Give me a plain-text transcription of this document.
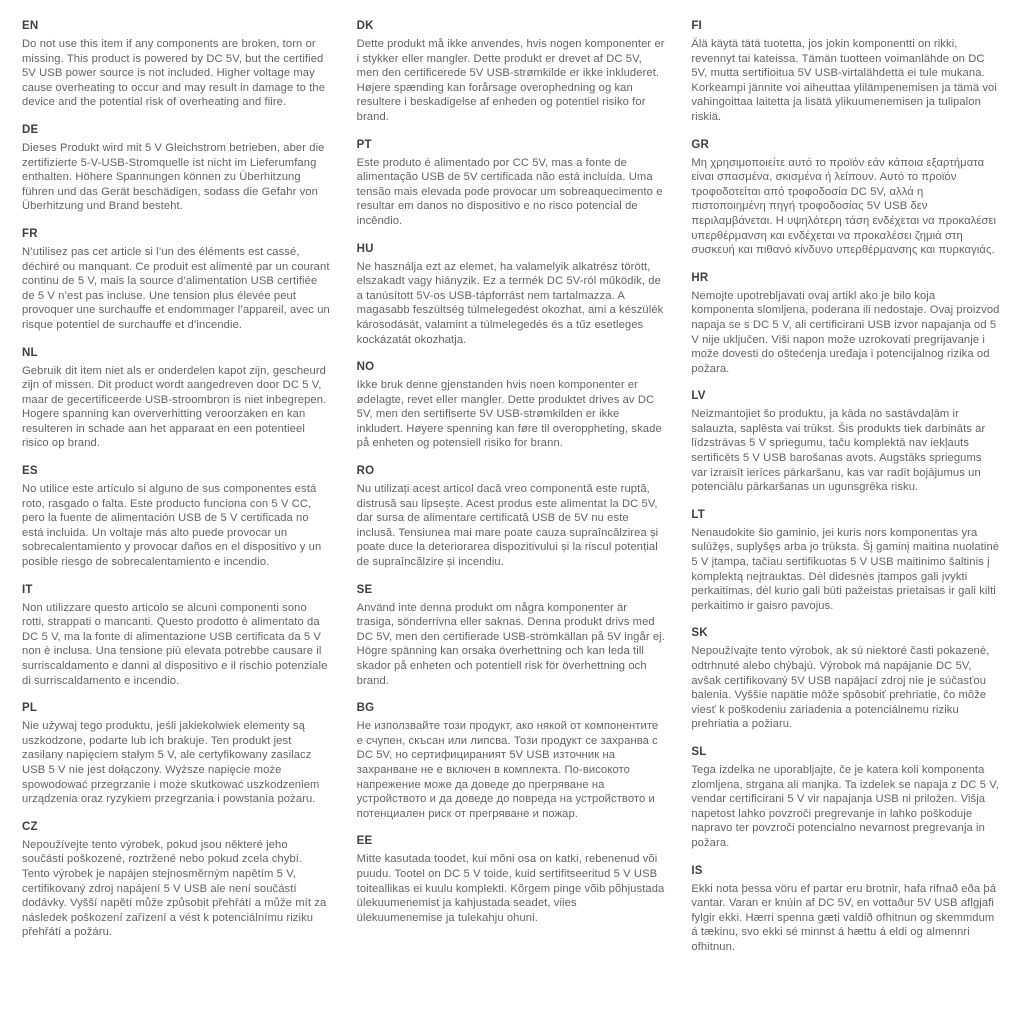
EN

Do not use this item if any components are broken, torn or missing. This product is powered by DC 5V, but the certified 5V USB power source is not included. Higher voltage may cause overheating to occur and may result in damage to the device and the potential risk of overheating and fiire.

DE

Dieses Produkt wird mit 5 V Gleichstrom betrieben, aber die zertifizierte 5-V-USB-Stromquelle ist nicht im Lieferumfang enthalten. Höhere Spannungen können zu Überhitzung führen und das Gerät beschädigen, sodass die Gefahr von Überhitzung und Brand besteht.

FR

N’utilisez pas cet article si l’un des éléments est cassé, déchiré ou manquant. Ce produit est alimenté par un courant continu de 5 V, mais la source d’alimentation USB certifiée de 5 V n’est pas incluse. Une tension plus élevée peut provoquer une surchauffe et endommager l’appareil, avec un risque potentiel de surchauffe et d’incendie.

NL

Gebruik dit item niet als er onderdelen kapot zijn, gescheurd zijn of missen. Dit product wordt aangedreven door DC 5 V, maar de gecertificeerde USB-stroombron is niet inbegrepen. Hogere spanning kan oververhitting veroorzaken en kan resulteren in schade aan het apparaat en een potentieel risico op brand.

ES

No utilice este artículo si alguno de sus componentes está roto, rasgado o falta. Este producto funciona con 5 V CC, pero la fuente de alimentación USB de 5 V certificada no está incluida. Un voltaje más alto puede provocar un sobrecalentamiento y provocar daños en el dispositivo y un posible riesgo de sobrecalentamiento e incendio.

IT

Non utilizzare questo articolo se alcuni componenti sono rotti, strappati o mancanti. Questo prodotto è alimentato da DC 5 V, ma la fonte di alimentazione USB certificata da 5 V non è inclusa. Una tensione più elevata potrebbe causare il surriscaldamento e danni al dispositivo e il rischio potenziale di surriscaldamento e incendio.

PL

Nie używaj tego produktu, jeśli jakiekolwiek elementy są uszkodzone, podarte lub ich brakuje. Ten produkt jest zasilany napięciem stałym 5 V, ale certyfikowany zasilacz USB 5 V nie jest dołączony. Wyższe napięcie może spowodować przegrzanie i może skutkować uszkodzeniem urządzenia oraz ryzykiem przegrzania i powstania pożaru.

CZ

Nepoužívejte tento výrobek, pokud jsou některé jeho součásti poškozené, roztržené nebo pokud zcela chybí. Tento výrobek je napájen stejnosměrným napětím 5 V, certifikovaný zdroj napájení 5 V USB ale není součástí dodávky. Vyšší napětí může způsobit přehřátí a může mít za následek poškození zařízení a vést k potenciálnímu riziku přehřátí a požáru.

DK

Dette produkt må ikke anvendes, hvis nogen komponenter er i stykker eller mangler. Dette produkt er drevet af DC 5V, men den certificerede 5V USB-strømkilde er ikke inkluderet. Højere spænding kan forårsage overophedning og kan resultere i beskadigelse af enheden og potentiel risiko for brand.

PT

Este produto é alimentado por CC 5V, mas a fonte de alimentação USB de 5V certificada não está incluída. Uma tensão mais elevada pode provocar um sobreaquecimento e resultar em danos no dispositivo e no risco potencial de incêndio.

HU

Ne használja ezt az elemet, ha valamelyik alkatrész törött, elszakadt vagy hiányzik. Ez a termék DC 5V-ról működik, de a tanúsított 5V-os USB-tápforrást nem tartalmazza. A magasabb feszültség túlmelegedést okozhat, ami a készülék károsodását, valamint a túlmelegedés és a tűz esetleges kockázatát okozhatja.

NO

Ikke bruk denne gjenstanden hvis noen komponenter er ødelagte, revet eller mangler. Dette produktet drives av DC 5V, men den sertifiserte 5V USB-strømkilden er ikke inkludert. Høyere spenning kan føre til overoppheting, skade på enheten og potensiell risiko for brann.

RO

Nu utilizați acest articol dacă vreo componentă este ruptă, distrusă sau lipsește. Acest produs este alimentat la DC 5V, dar sursa de alimentare certificată USB de 5V nu este inclusă. Tensiunea mai mare poate cauza supraîncălzirea și poate duce la deteriorarea dispozitivului și la riscul potențial de supraîncălzire și incendiu.

SE

Använd inte denna produkt om några komponenter är trasiga, sönderrivna eller saknas. Denna produkt drivs med DC 5V, men den certifierade USB-strömkällan på 5V ingår ej. Högre spänning kan orsaka överhettning och kan leda till skador på enheten och potentiell risk för överhettning och brand.

BG

Не използвайте този продукт, ако някой от компонентите е счупен, скъсан или липсва. Този продукт се захранва с DC 5V, но сертифицираният 5V USB източник на захранване не е включен в комплекта. По-високото напрежение може да доведе до прегряване на устройството и да доведе до повреда на устройството и потенциален риск от прегряване и пожар.

EE

Mitte kasutada toodet, kui mõni osa on katki, rebenenud või puudu. Tootel on DC 5 V toide, kuid sertifitseeritud 5 V USB toiteallikas ei kuulu komplekti. Kõrgem pinge võib põhjustada ülekuumenemist ja kahjustada seadet, viies ülekuumenemise ja tulekahju ohuni.

FI

Älä käytä tätä tuotetta, jos jokin komponentti on rikki, revennyt tai kateissa. Tämän tuotteen voimanlähde on DC 5V, mutta sertifioitua 5V USB-virtalähdettä ei tule mukana. Korkeampi jännite voi aiheuttaa ylilämpenemisen ja tämä voi vahingoittaa laitetta ja lisätä ylikuumenemisen ja tulipalon riskiä.

GR

Μη χρησιμοποιείτε αυτό το προϊόν εάν κάποια εξαρτήματα είναι σπασμένα, σκισμένα ή λείπουν. Αυτό το προϊόν τροφοδοτείται από τροφοδοσία DC 5V, αλλά η πιστοποιημένη πηγή τροφοδοσίας 5V USB δεν περιλαμβάνεται. Η υψηλότερη τάση ενδέχεται να προκαλέσει υπερθέρμανση και ενδέχεται να προκαλέσει ζημιά στη συσκευή και πιθανό κίνδυνο υπερθέρμανσης και πυρκαγιάς.

HR

Nemojte upotrebljavati ovaj artikl ako je bilo koja komponenta slomljena, poderana ili nedostaje. Ovaj proizvod napaja se s DC 5 V, ali certificirani USB izvor napajanja od 5 V nije uključen. Viši napon može uzrokovati pregrijavanje i može dovesti do oštećenja uređaja i potencijalnog rizika od požara.

LV

Neizmantojiet šo produktu, ja kāda no sastāvdaļām ir salauzta, saplēsta vai trūkst. Šis produkts tiek darbināts ar līdzstrāvas 5 V spriegumu, taču komplektā nav iekļauts sertificēts 5 V USB barošanas avots. Augstāks spriegums var izraisīt ierīces pārkaršanu, kas var radīt bojājumus un potenciālu pārkaršanas un ugunsgrēka risku.

LT

Nenaudokite šio gaminio, jei kuris nors komponentas yra sulūžęs, suplyšęs arba jo trūksta. Šį gaminį maitina nuolatinė 5 V įtampa, tačiau sertifikuotas 5 V USB maitinimo šaltinis į komplektą neįtrauktas. Dėl didesnės įtampos gali įvykti perkaitimas, dėl kurio gali būti pažeistas prietaisas ir gali kilti perkaitimo ir gaisro pavojus.

SK

Nepoužívajte tento výrobok, ak sú niektoré časti pokazené, odtrhnuté alebo chýbajú. Výrobok má napájanie DC 5V, avšak certifikovaný 5V USB napájací zdroj nie je súčasťou balenia. Vyššie napätie môže spôsobiť prehriatie, čo môže viesť k poškodeniu zariadenia a potenciálnemu riziku prehriatia a požiaru.

SL

Tega izdelka ne uporabljajte, če je katera koli komponenta zlomljena, strgana ali manjka. Ta izdelek se napaja z DC 5 V, vendar certificirani 5 V vir napajanja USB ni priložen. Višja napetost lahko povzroči pregrevanje in lahko poškoduje napravo ter povzroči potencialno nevarnost pregrevanja in požara.

IS

Ekki nota þessa vöru ef partar eru brotnir, hafa rifnað eða þá vantar. Varan er knúin af DC 5V, en vottaður 5V USB aflgjafi fylgir ekki. Hærri spenna gæti valdið ofhitnun og skemmdum á tækinu, svo ekki sé minnst á hættu á eldi og almennri ofhitnun.
